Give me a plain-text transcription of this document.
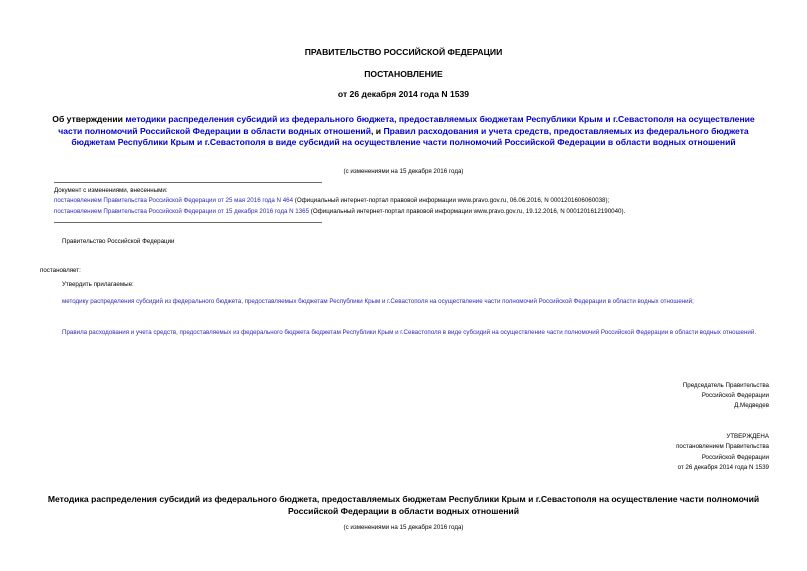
ПРАВИТЕЛЬСТВО РОССИЙСКОЙ ФЕДЕРАЦИИ
ПОСТАНОВЛЕНИЕ
от 26 декабря 2014 года N 1539
Об утверждении методики распределения субсидий из федерального бюджета, предоставляемых бюджетам Республики Крым и г.Севастополя на осуществление части полномочий Российской Федерации в области водных отношений, и Правил расходования и учета средств, предоставляемых из федерального бюджета бюджетам Республики Крым и г.Севастополя в виде субсидий на осуществление части полномочий Российской Федерации в области водных отношений
(с изменениями на 15 декабря 2016 года)
Документ с изменениями, внесенными:
постановлением Правительства Российской Федерации от 25 мая 2016 года N 464 (Официальный интернет-портал правовой информации www.pravo.gov.ru, 06.06.2016, N 0001201606060038);
постановлением Правительства Российской Федерации от 15 декабря 2016 года N 1365 (Официальный интернет-портал правовой информации www.pravo.gov.ru, 19.12.2016, N 0001201612190040).
Правительство Российской Федерации
постановляет:
Утвердить прилагаемые:
методику распределения субсидий из федерального бюджета, предоставляемых бюджетам Республики Крым и г.Севастополя на осуществление части полномочий Российской Федерации в области водных отношений;
Правила расходования и учета средств, предоставляемых из федерального бюджета бюджетам Республики Крым и г.Севастополя в виде субсидий на осуществление части полномочий Российской Федерации в области водных отношений.
Председатель Правительства
Российской Федерации
Д.Медведев
УТВЕРЖДЕНА
постановлением Правительства
Российской Федерации
от 26 декабря 2014 года N 1539
Методика распределения субсидий из федерального бюджета, предоставляемых бюджетам Республики Крым и г.Севастополя на осуществление части полномочий Российской Федерации в области водных отношений
(с изменениями на 15 декабря 2016 года)
